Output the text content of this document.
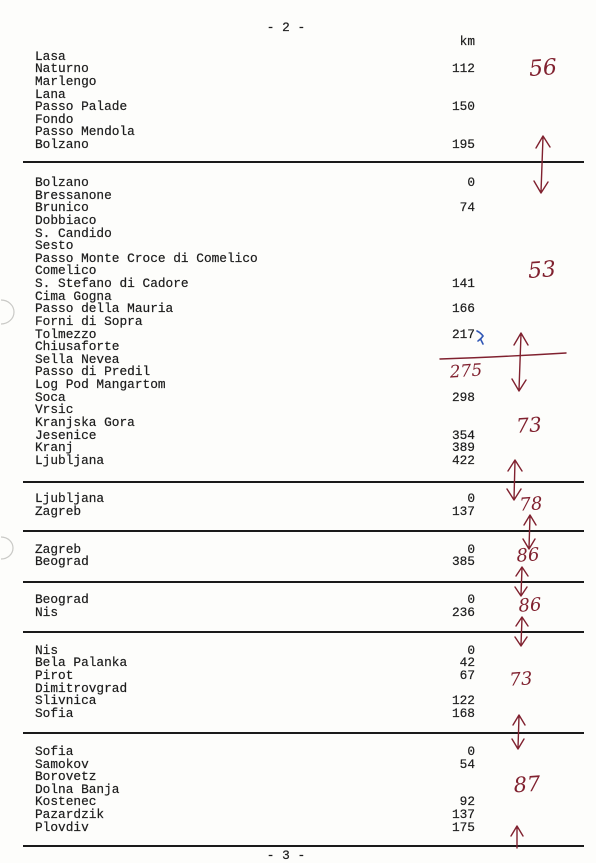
- 2 -
km
Lasa
Naturno	112
Marlengo
Lana
Passo Palade	150
Fondo
Passo Mendola
Bolzano	195
Bolzano	0
Bressanone
Brunico	74
Dobbiaco
S. Candido
Sesto
Passo Monte Croce di Comelico
Comelico
S. Stefano di Cadore	141
Cima Gogna
Passo della Mauria	166
Forni di Sopra
Tolmezzo	217
Chiusaforte
Sella Nevea
Passo di Predil
Log Pod Mangartom
Soca	298
Vrsic
Kranjska Gora
Jesenice	354
Kranj	389
Ljubljana	422
Ljubljana	0
Zagreb	137
Zagreb	0
Beograd	385
Beograd	0
Nis	236
Nis	0
Bela Palanka	42
Pirot	67
Dimitrovgrad
Slivnica	122
Sofia	168
Sofia	0
Samokov	54
Borovetz
Dolna Banja
Kostenec	92
Pazardzik	137
Plovdiv	175
- 3 -
56
53
275
73
78
86
86
73
87
